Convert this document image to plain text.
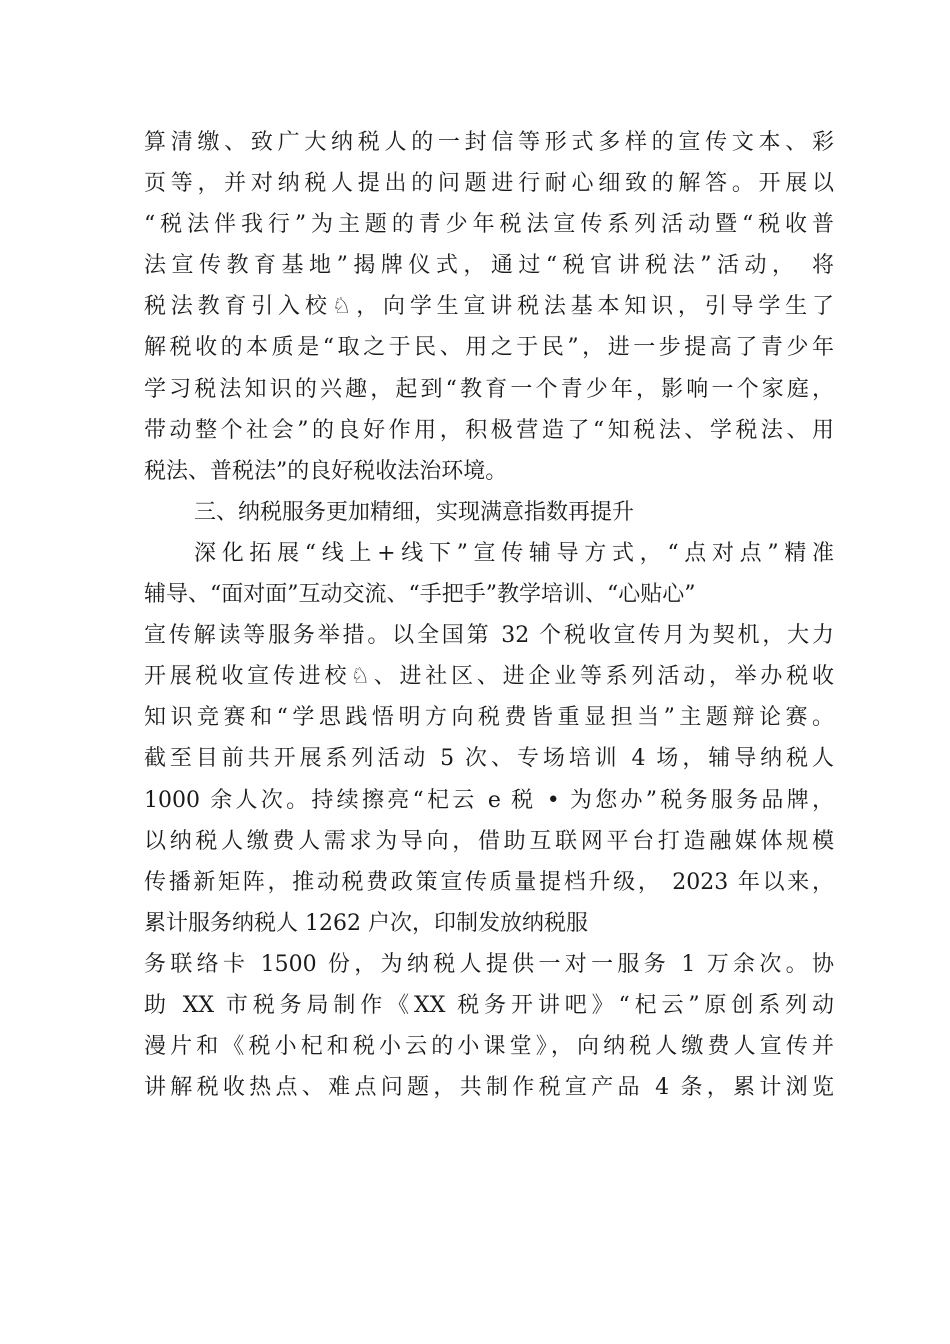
算清缴、致广大纳税人的一封信等形式多样的宣传文本、彩
页等，并对纳税人提出的问题进行耐心细致的解答。开展以
“税法伴我行”为主题的青少年税法宣传系列活动暨“税收普
法宣传教育基地”揭牌仪式，通过“税官讲税法”活动， 将
税法教育引入校♘，向学生宣讲税法基本知识，引导学生了
解税收的本质是“取之于民、用之于民”，进一步提高了青少年
学习税法知识的兴趣，起到“教育一个青少年，影响一个家庭，
带动整个社会”的良好作用，积极营造了“知税法、学税法、用
税法、普税法”的良好税收法治环境。
三、纳税服务更加精细，实现满意指数再提升
深化拓展“线上+线下”宣传辅导方式，“点对点”精准
辅导、“面对面”互动交流、“手把手”教学培训、“心贴心”
宣传解读等服务举措。以全国第 32 个税收宣传月为契机，大力
开展税收宣传进校♘、进社区、进企业等系列活动，举办税收
知识竞赛和“学思践悟明方向税费皆重显担当”主题辩论赛。
截至目前共开展系列活动 5 次、专场培训 4 场，辅导纳税人
1000 余人次。持续擦亮“杞云 e 税 • 为您办”税务服务品牌，
以纳税人缴费人需求为导向，借助互联网平台打造融媒体规模
传播新矩阵，推动税费政策宣传质量提档升级， 2023 年以来，
累计服务纳税人 1262 户次，印制发放纳税服
务联络卡 1500 份，为纳税人提供一对一服务 1 万余次。协
助 XX 市税务局制作《XX 税务开讲吧》“杞云”原创系列动
漫片和《税小杞和税小云的小课堂》，向纳税人缴费人宣传并
讲解税收热点、难点问题，共制作税宣产品 4 条，累计浏览
